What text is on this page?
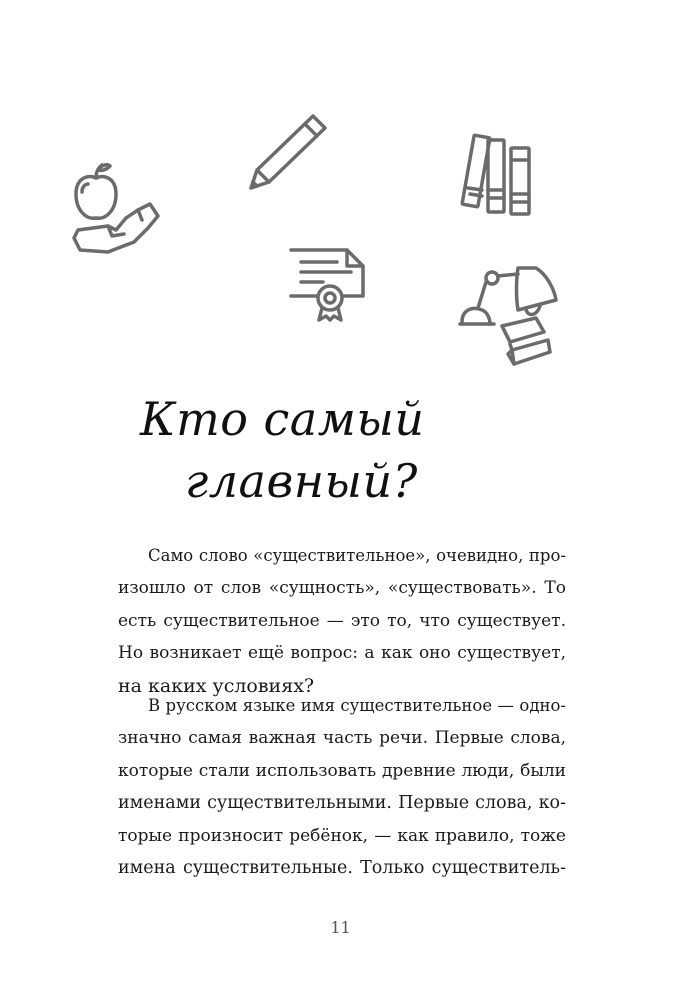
Кто самый
главный?

Само слово «существительное», очевидно, про-
изошло от слов «сущность», «существовать». То
есть существительное — это то, что существует.
Но возникает ещё вопрос: а как оно существует,
на каких условиях?

В русском языке имя существительное — одно-
значно самая важная часть речи. Первые слова,
которые стали использовать древние люди, были
именами существительными. Первые слова, ко-
торые произносит ребёнок, — как правило, тоже
имена существительные. Только существитель-

11
